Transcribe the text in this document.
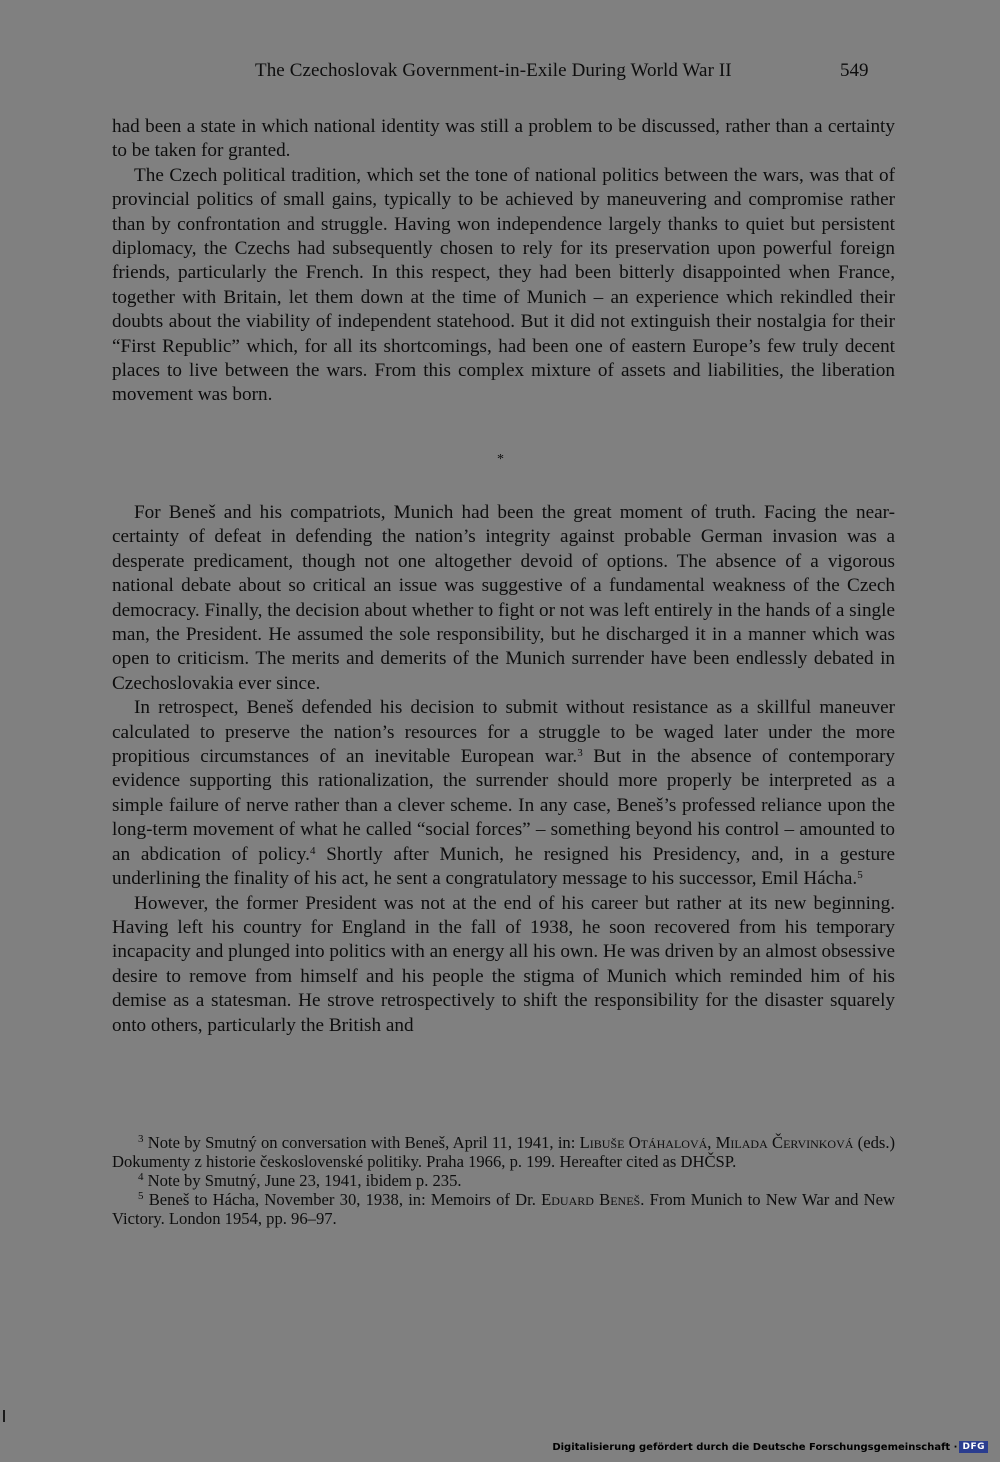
The Czechoslovak Government-in-Exile During World War II	549

had been a state in which national identity was still a problem to be discussed, rather than a certainty to be taken for granted.

The Czech political tradition, which set the tone of national politics between the wars, was that of provincial politics of small gains, typically to be achieved by maneuvering and compromise rather than by confrontation and struggle. Having won independence largely thanks to quiet but persistent diplomacy, the Czechs had subsequently chosen to rely for its preservation upon powerful foreign friends, particularly the French. In this respect, they had been bitterly disappointed when France, together with Britain, let them down at the time of Munich – an experience which rekindled their doubts about the viability of independent statehood. But it did not extinguish their nostalgia for their “First Republic” which, for all its shortcomings, had been one of eastern Europe’s few truly decent places to live between the wars. From this complex mixture of assets and liabilities, the liberation movement was born.

*

For Beneš and his compatriots, Munich had been the great moment of truth. Facing the near-certainty of defeat in defending the nation’s integrity against probable German invasion was a desperate predicament, though not one altogether devoid of options. The absence of a vigorous national debate about so critical an issue was suggestive of a fundamental weakness of the Czech democracy. Finally, the decision about whether to fight or not was left entirely in the hands of a single man, the President. He assumed the sole responsibility, but he discharged it in a manner which was open to criticism. The merits and demerits of the Munich surrender have been endlessly debated in Czechoslovakia ever since.

In retrospect, Beneš defended his decision to submit without resistance as a skillful maneuver calculated to preserve the nation’s resources for a struggle to be waged later under the more propitious circumstances of an inevitable European war.$^3$ But in the absence of contemporary evidence supporting this rationalization, the surrender should more properly be interpreted as a simple failure of nerve rather than a clever scheme. In any case, Beneš’s professed reliance upon the long-term movement of what he called “social forces” – something beyond his control – amounted to an abdication of policy.$^4$ Shortly after Munich, he resigned his Presidency, and, in a gesture underlining the finality of his act, he sent a congratulatory message to his successor, Emil Hácha.$^5$

However, the former President was not at the end of his career but rather at its new beginning. Having left his country for England in the fall of 1938, he soon recovered from his temporary incapacity and plunged into politics with an energy all his own. He was driven by an almost obsessive desire to remove from himself and his people the stigma of Munich which reminded him of his demise as a statesman. He strove retrospectively to shift the responsibility for the disaster squarely onto others, particularly the British and

$^3$ Note by Smutný on conversation with Beneš, April 11, 1941, in: Libuše Otáhalová, Milada Červinková (eds.) Dokumenty z historie československé politiky. Praha 1966, p. 199. Hereafter cited as DHČSP.

$^4$ Note by Smutný, June 23, 1941, ibidem p. 235.

$^5$ Beneš to Hácha, November 30, 1938, in: Memoirs of Dr. Eduard Beneš. From Munich to New War and New Victory. London 1954, pp. 96–97.

Digitalisierung gefördert durch die Deutsche Forschungsgemeinschaft · DFG
